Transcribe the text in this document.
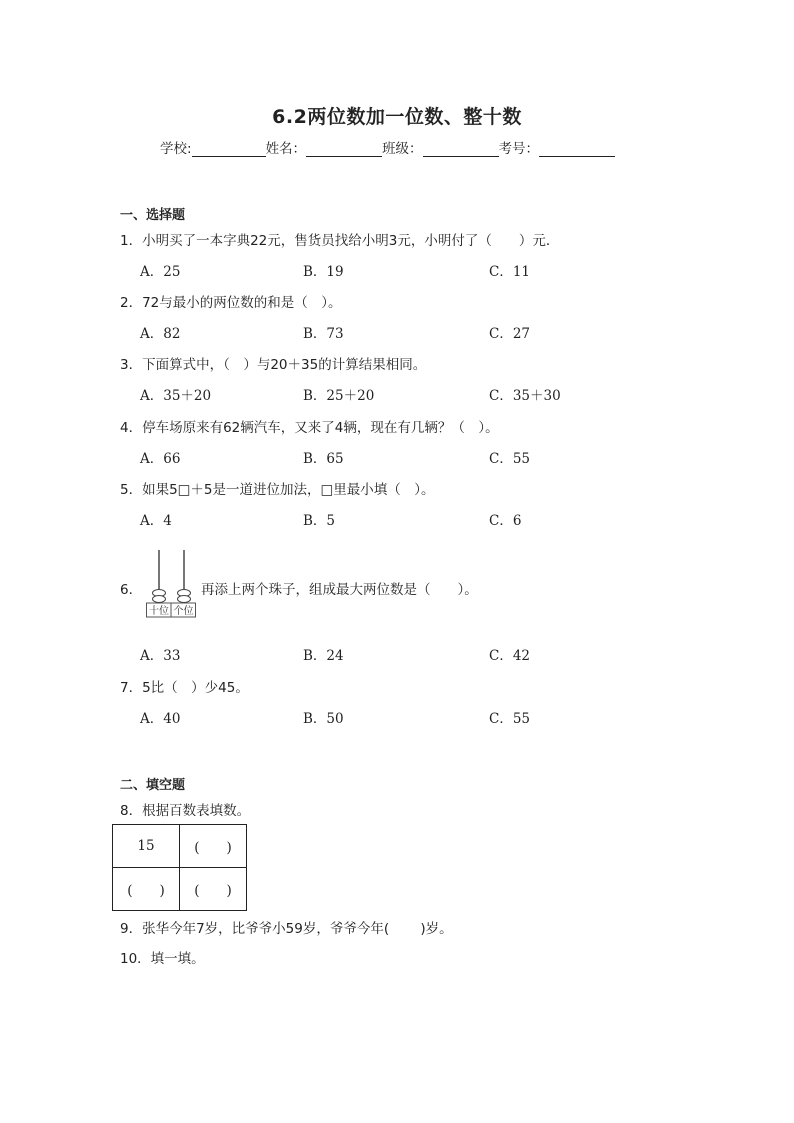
6.2两位数加一位数、整十数
学校:	姓名：	班级：	考号：
一、选择题
1．小明买了一本字典22元，售货员找给小明3元，小明付了（　　）元．
A．25	B．19	C．11
2．72与最小的两位数的和是（　）。
A．82	B．73	C．27
3．下面算式中，（　）与20＋35的计算结果相同。
A．35＋20	B．25＋20	C．35＋30
4．停车场原来有62辆汽车，又来了4辆，现在有几辆？（　）。
A．66	B．65	C．55
5．如果5□＋5是一道进位加法，□里最小填（　）。
A．4	B．5	C．6
6．
十位 个位
再添上两个珠子，组成最大两位数是（　　）。
A．33	B．24	C．42
7．5比（　）少45。
A．40	B．50	C．55
二、填空题
8．根据百数表填数。
15	(　　)
(　　)	(　　)
9．张华今年7岁，比爷爷小59岁，爷爷今年(　　 )岁。
10．填一填。
